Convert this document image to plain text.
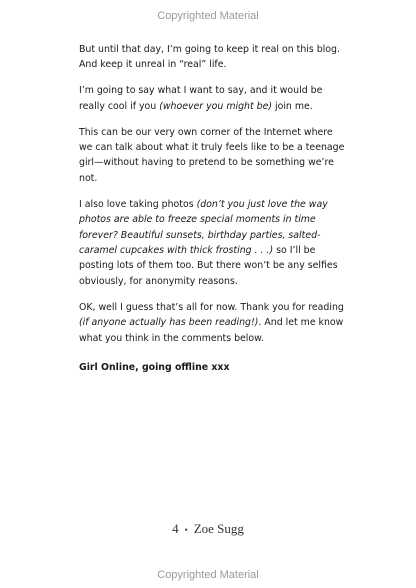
Copyrighted Material

But until that day, I’m going to keep it real on this blog. And keep it unreal in “real” life.

I’m going to say what I want to say, and it would be really cool if you (whoever you might be) join me.

This can be our very own corner of the Internet where we can talk about what it truly feels like to be a teenage girl—without having to pretend to be something we’re not.

I also love taking photos (don’t you just love the way photos are able to freeze special moments in time forever? Beautiful sunsets, birthday parties, salted-caramel cupcakes with thick frosting . . .) so I’ll be posting lots of them too. But there won’t be any selfies obviously, for anonymity reasons.

OK, well I guess that’s all for now. Thank you for reading (if anyone actually has been reading!). And let me know what you think in the comments below.

Girl Online, going offline xxx

4 • Zoe Sugg
Copyrighted Material
